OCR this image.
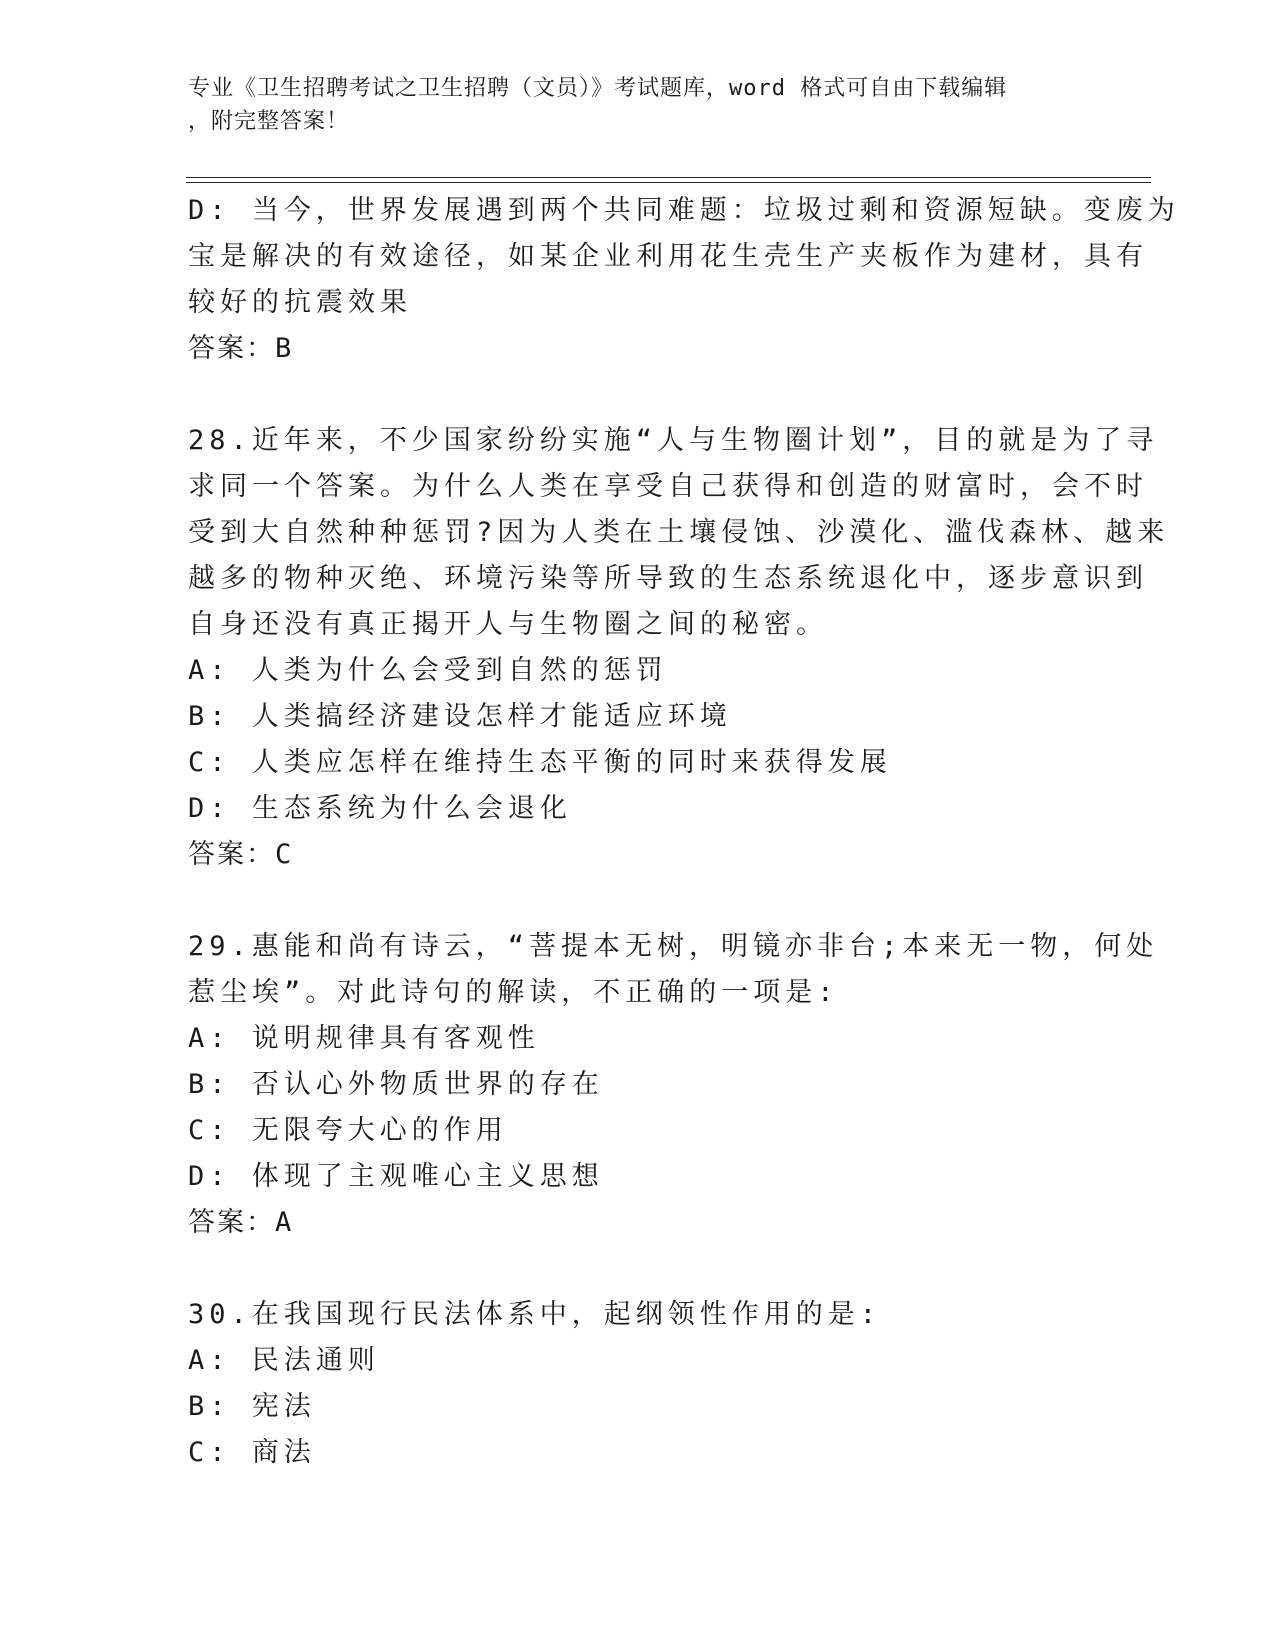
专业《卫生招聘考试之卫生招聘（文员）》考试题库，word 格式可自由下载编辑
，附完整答案！
D: 当今，世界发展遇到两个共同难题：垃圾过剩和资源短缺。变废为
宝是解决的有效途径，如某企业利用花生壳生产夹板作为建材，具有
较好的抗震效果
答案：B
28.近年来，不少国家纷纷实施“人与生物圈计划”，目的就是为了寻
求同一个答案。为什么人类在享受自己获得和创造的财富时，会不时
受到大自然种种惩罚?因为人类在土壤侵蚀、沙漠化、滥伐森林、越来
越多的物种灭绝、环境污染等所导致的生态系统退化中，逐步意识到
自身还没有真正揭开人与生物圈之间的秘密。
A: 人类为什么会受到自然的惩罚
B: 人类搞经济建设怎样才能适应环境
C: 人类应怎样在维持生态平衡的同时来获得发展
D: 生态系统为什么会退化
答案：C
29.惠能和尚有诗云，“菩提本无树，明镜亦非台;本来无一物，何处
惹尘埃”。对此诗句的解读，不正确的一项是:
A: 说明规律具有客观性
B: 否认心外物质世界的存在
C: 无限夸大心的作用
D: 体现了主观唯心主义思想
答案：A
30.在我国现行民法体系中，起纲领性作用的是:
A: 民法通则
B: 宪法
C: 商法
